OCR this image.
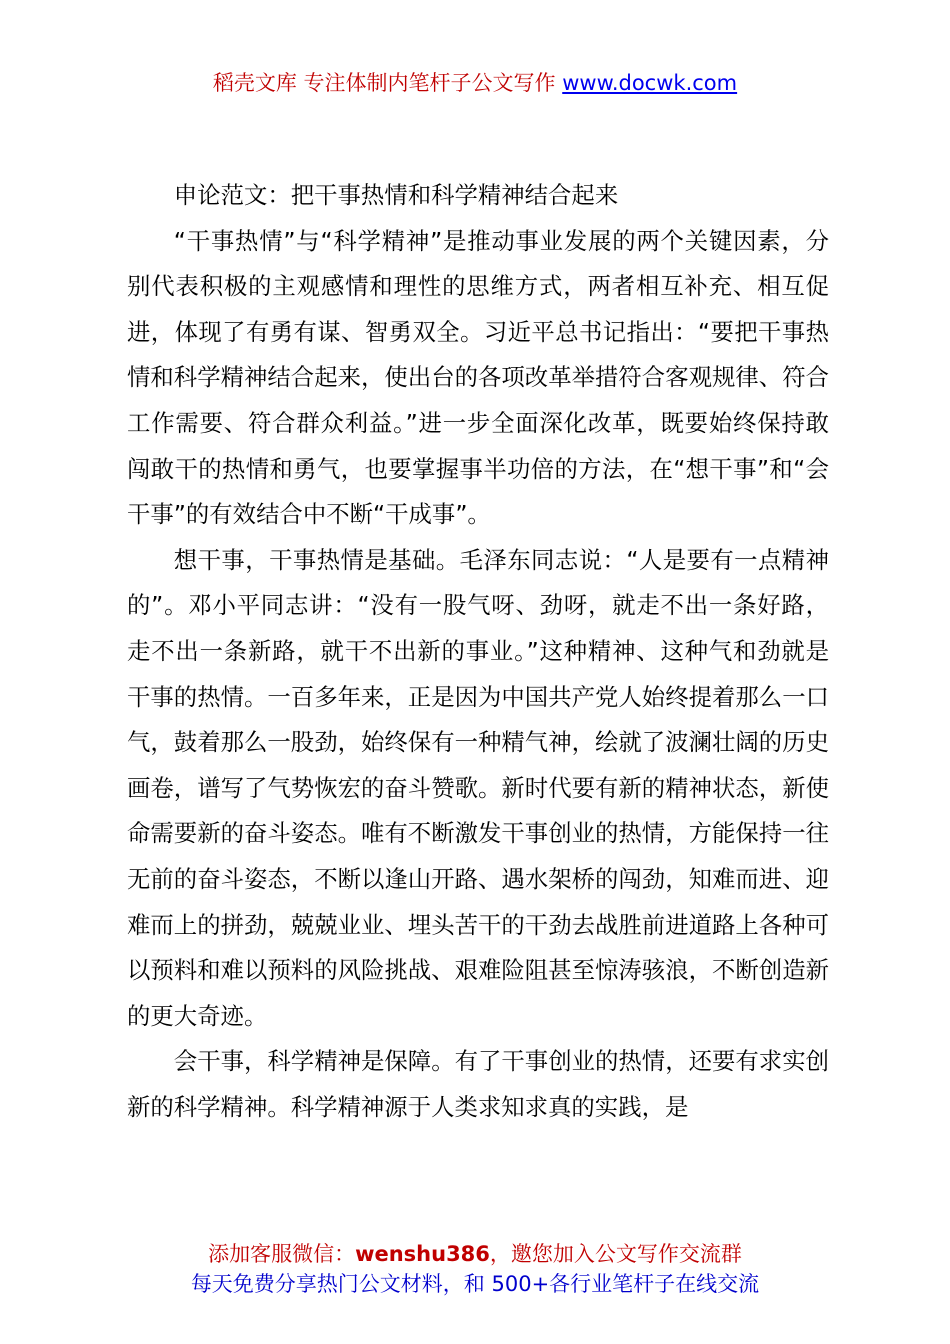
稻壳文库 专注体制内笔杆子公文写作 www.docwk.com

申论范文：把干事热情和科学精神结合起来

“干事热情”与“科学精神”是推动事业发展的两个关键因素，分别代表积极的主观感情和理性的思维方式，两者相互补充、相互促进，体现了有勇有谋、智勇双全。习近平总书记指出：“要把干事热情和科学精神结合起来，使出台的各项改革举措符合客观规律、符合工作需要、符合群众利益。”进一步全面深化改革，既要始终保持敢闯敢干的热情和勇气，也要掌握事半功倍的方法，在“想干事”和“会干事”的有效结合中不断“干成事”。

想干事，干事热情是基础。毛泽东同志说：“人是要有一点精神的”。邓小平同志讲：“没有一股气呀、劲呀，就走不出一条好路，走不出一条新路，就干不出新的事业。”这种精神、这种气和劲就是干事的热情。一百多年来，正是因为中国共产党人始终提着那么一口气，鼓着那么一股劲，始终保有一种精气神，绘就了波澜壮阔的历史画卷，谱写了气势恢宏的奋斗赞歌。新时代要有新的精神状态，新使命需要新的奋斗姿态。唯有不断激发干事创业的热情，方能保持一往无前的奋斗姿态，不断以逢山开路、遇水架桥的闯劲，知难而进、迎难而上的拼劲，兢兢业业、埋头苦干的干劲去战胜前进道路上各种可以预料和难以预料的风险挑战、艰难险阻甚至惊涛骇浪，不断创造新的更大奇迹。

会干事，科学精神是保障。有了干事创业的热情，还要有求实创新的科学精神。科学精神源于人类求知求真的实践，是

添加客服微信：wenshu386，邀您加入公文写作交流群
每天免费分享热门公文材料，和 500+各行业笔杆子在线交流
